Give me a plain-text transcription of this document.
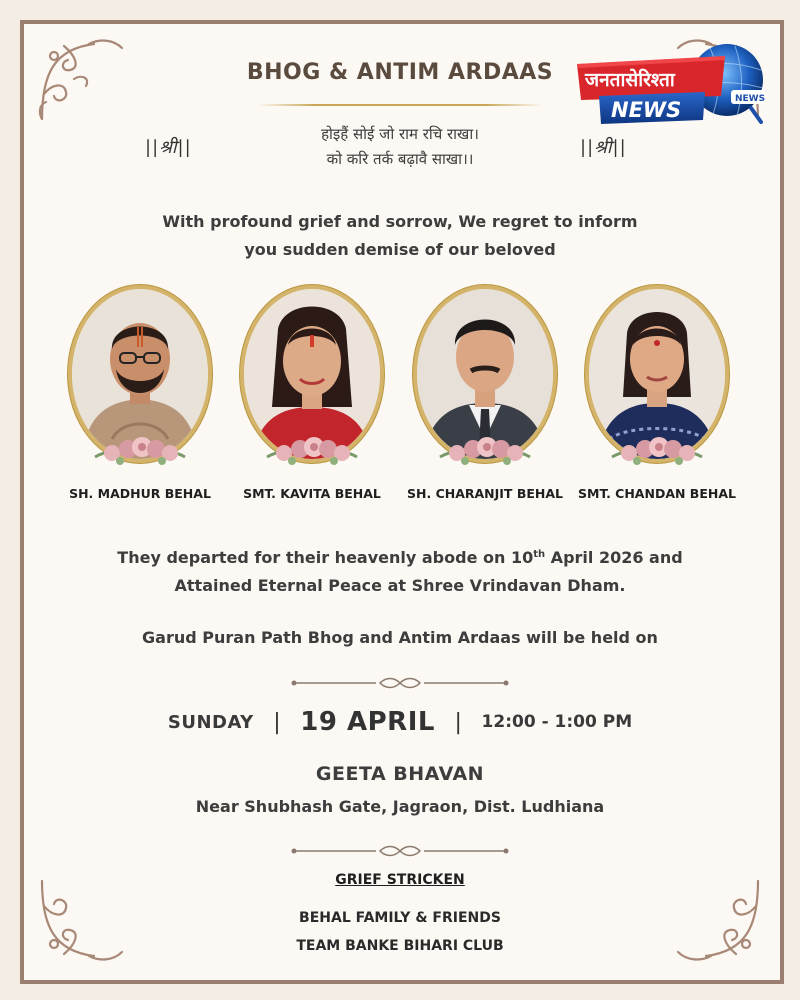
BHOG & ANTIM ARDAAS	जनतासेरिश्ता
NEWS	NEWS
||श्री||	||श्री||
होइहैं सोई जो राम रचि राखा।
को करि तर्क बढ़ावै साखा।।
With profound grief and sorrow, We regret to inform
you sudden demise of our beloved
SH. MADHUR BEHAL	SMT. KAVITA BEHAL	SH. CHARANJIT BEHAL	SMT. CHANDAN BEHAL
They departed for their heavenly abode on 10th April 2026 and
Attained Eternal Peace at Shree Vrindavan Dham.
Garud Puran Path Bhog and Antim Ardaas will be held on
SUNDAY | 19 APRIL | 12:00 - 1:00 PM
GEETA BHAVAN
Near Shubhash Gate, Jagraon, Dist. Ludhiana
GRIEF STRICKEN
BEHAL FAMILY & FRIENDS
TEAM BANKE BIHARI CLUB
